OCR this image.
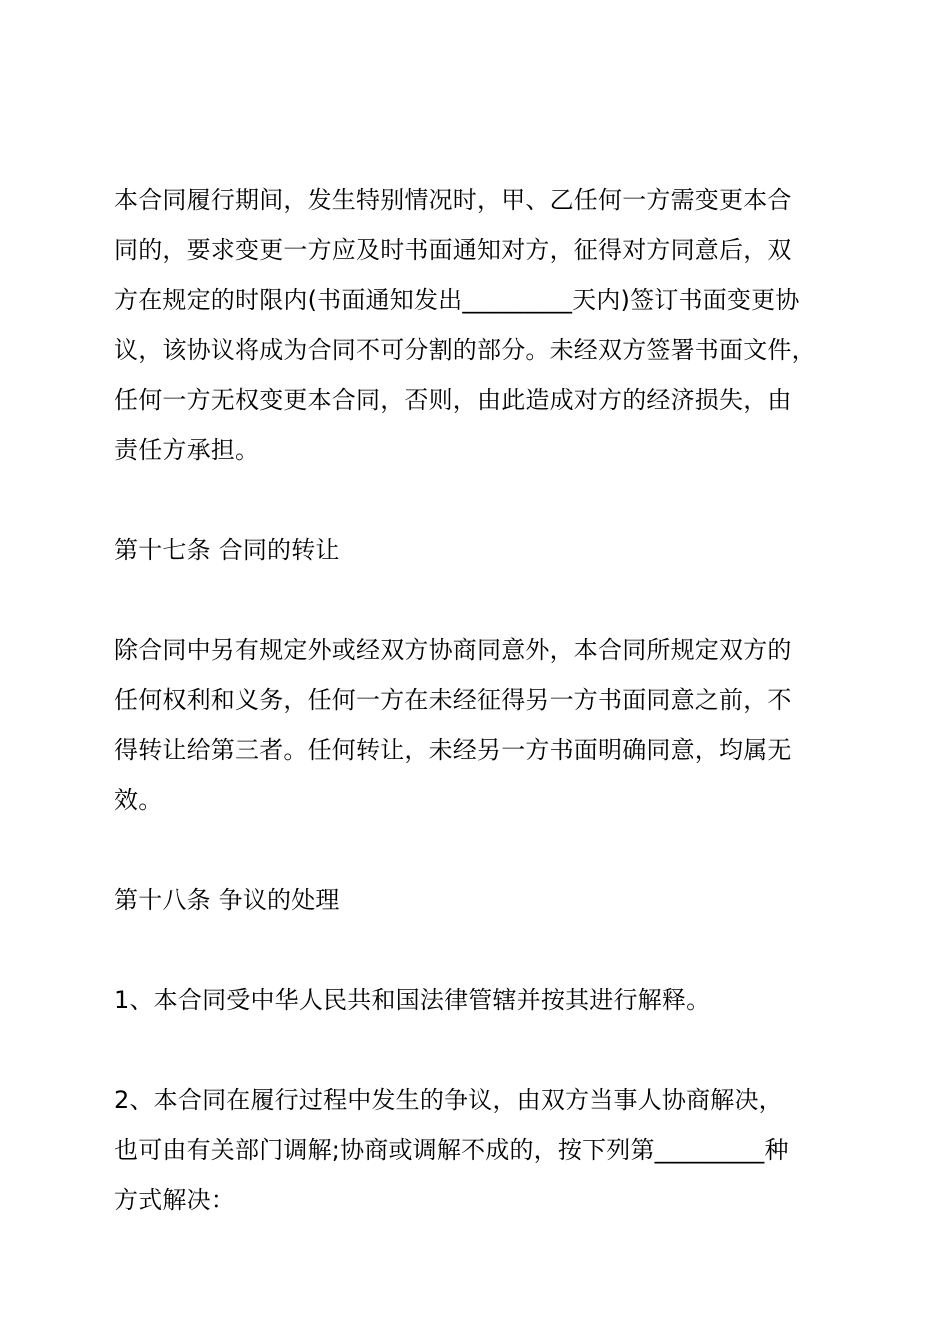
本合同履行期间，发生特别情况时，甲、乙任何一方需变更本合
同的，要求变更一方应及时书面通知对方，征得对方同意后，双
方在规定的时限内(书面通知发出_________天内)签订书面变更协
议，该协议将成为合同不可分割的部分。未经双方签署书面文件，
任何一方无权变更本合同，否则，由此造成对方的经济损失，由
责任方承担。

第十七条 合同的转让

除合同中另有规定外或经双方协商同意外，本合同所规定双方的
任何权利和义务，任何一方在未经征得另一方书面同意之前，不
得转让给第三者。任何转让，未经另一方书面明确同意，均属无
效。

第十八条 争议的处理

1、本合同受中华人民共和国法律管辖并按其进行解释。

2、本合同在履行过程中发生的争议，由双方当事人协商解决，
也可由有关部门调解;协商或调解不成的，按下列第_________种
方式解决：
